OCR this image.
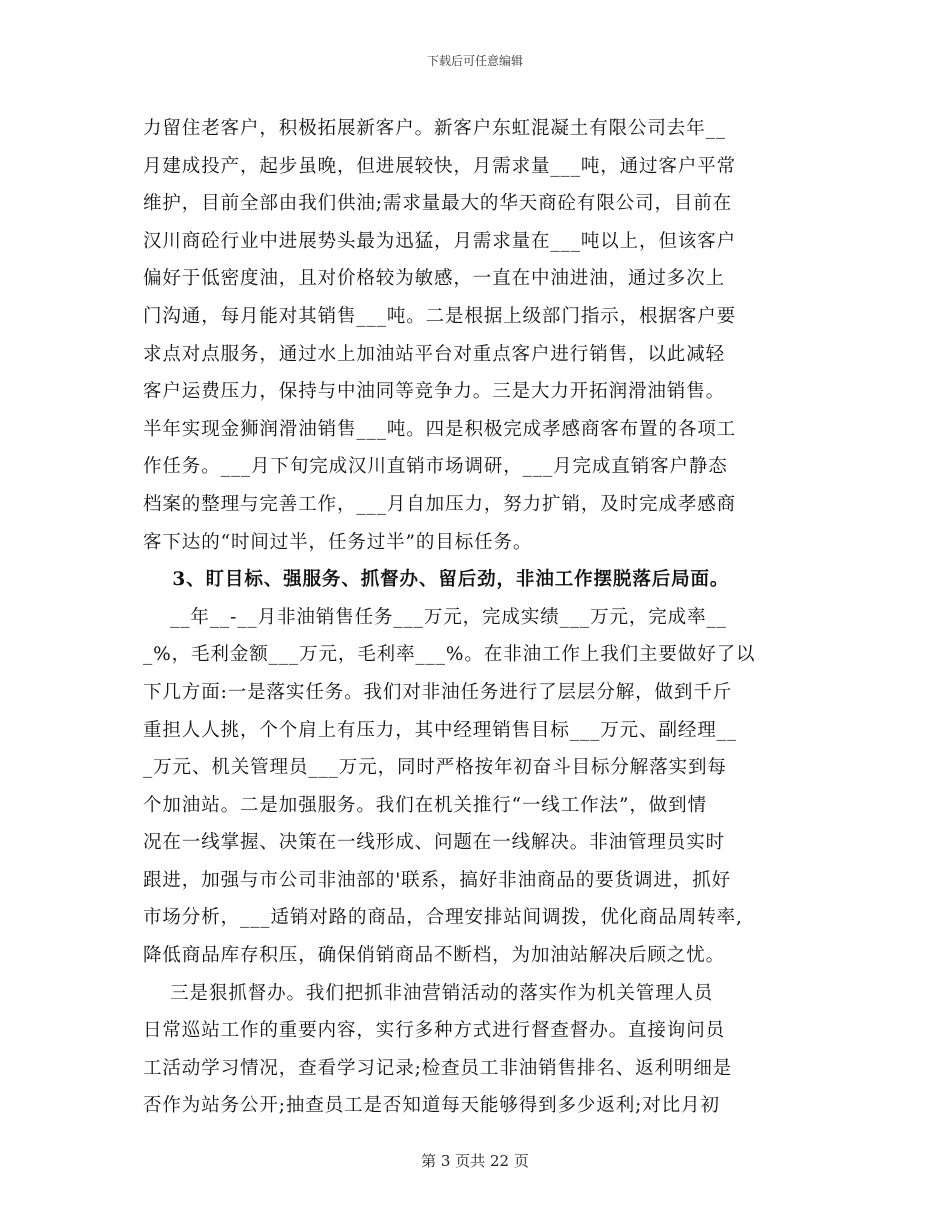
下载后可任意编辑
力留住老客户，积极拓展新客户。新客户东虹混凝土有限公司去年__
月建成投产，起步虽晚，但进展较快，月需求量___吨，通过客户平常
维护，目前全部由我们供油;需求量最大的华天商砼有限公司，目前在
汉川商砼行业中进展势头最为迅猛，月需求量在___吨以上，但该客户
偏好于低密度油，且对价格较为敏感，一直在中油进油，通过多次上
门沟通，每月能对其销售___吨。二是根据上级部门指示，根据客户要
求点对点服务，通过水上加油站平台对重点客户进行销售，以此减轻
客户运费压力，保持与中油同等竞争力。三是大力开拓润滑油销售。
半年实现金狮润滑油销售___吨。四是积极完成孝感商客布置的各项工
作任务。___月下旬完成汉川直销市场调研，___月完成直销客户静态
档案的整理与完善工作，___月自加压力，努力扩销，及时完成孝感商
客下达的“时间过半，任务过半”的目标任务。
3、盯目标、强服务、抓督办、留后劲，非油工作摆脱落后局面。
__年__-__月非油销售任务___万元，完成实绩___万元，完成率__
_%，毛利金额___万元，毛利率___%。在非油工作上我们主要做好了以
下几方面:一是落实任务。我们对非油任务进行了层层分解，做到千斤
重担人人挑，个个肩上有压力，其中经理销售目标___万元、副经理__
_万元、机关管理员___万元，同时严格按年初奋斗目标分解落实到每
个加油站。二是加强服务。我们在机关推行“一线工作法”，做到情
况在一线掌握、决策在一线形成、问题在一线解决。非油管理员实时
跟进，加强与市公司非油部的'联系，搞好非油商品的要货调进，抓好
市场分析，___适销对路的商品，合理安排站间调拨，优化商品周转率,
降低商品库存积压，确保俏销商品不断档，为加油站解决后顾之忧。
三是狠抓督办。我们把抓非油营销活动的落实作为机关管理人员
日常巡站工作的重要内容，实行多种方式进行督查督办。直接询问员
工活动学习情况，查看学习记录;检查员工非油销售排名、返利明细是
否作为站务公开;抽查员工是否知道每天能够得到多少返利;对比月初
第 3 页共 22 页
